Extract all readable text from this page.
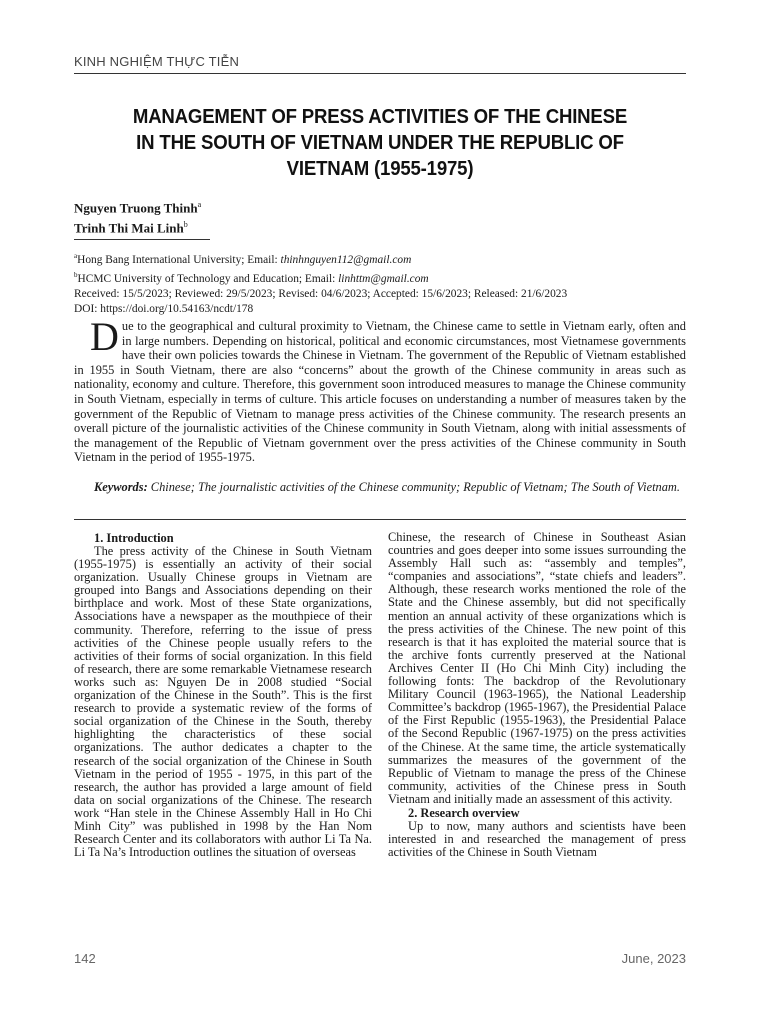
KINH NGHIỆM THỰC TIỄN
MANAGEMENT OF PRESS ACTIVITIES OF THE CHINESE
IN THE SOUTH OF VIETNAM UNDER THE REPUBLIC OF
VIETNAM (1955-1975)
Nguyen Truong Thinh$^a$
Trinh Thi Mai Linh$^b$
$^a$Hong Bang International University; Email: thinhnguyen112@gmail.com
$^b$HCMC University of Technology and Education; Email: linhttm@gmail.com
Received: 15/5/2023; Reviewed: 29/5/2023; Revised: 04/6/2023; Accepted: 15/6/2023; Released: 21/6/2023
DOI: https://doi.org/10.54163/ncdt/178

Due to the geographical and cultural proximity to Vietnam, the Chinese came to settle in Vietnam early, often and in large numbers. Depending on historical, political and economic circumstances, most Vietnamese governments have their own policies towards the Chinese in Vietnam. The government of the Republic of Vietnam established in 1955 in South Vietnam, there are also “concerns” about the growth of the Chinese community in areas such as nationality, economy and culture. Therefore, this government soon introduced measures to manage the Chinese community in South Vietnam, especially in terms of culture. This article focuses on understanding a number of measures taken by the government of the Republic of Vietnam to manage press activities of the Chinese community. The research presents an overall picture of the journalistic activities of the Chinese community in South Vietnam, along with initial assessments of the management of the Republic of Vietnam government over the press activities of the Chinese community in South Vietnam in the period of 1955-1975.

Keywords: Chinese; The journalistic activities of the Chinese community; Republic of Vietnam; The South of Vietnam.

1. Introduction

The press activity of the Chinese in South Vietnam (1955-1975) is essentially an activity of their social organization. Usually Chinese groups in Vietnam are grouped into Bangs and Associations depending on their birthplace and work. Most of these State organizations, Associations have a newspaper as the mouthpiece of their community. Therefore, referring to the issue of press activities of the Chinese people usually refers to the activities of their forms of social organization. In this field of research, there are some remarkable Vietnamese research works such as: Nguyen De in 2008 studied “Social organization of the Chinese in the South”. This is the first research to provide a systematic review of the forms of social organization of the Chinese in the South, thereby highlighting the characteristics of these social organizations. The author dedicates a chapter to the research of the social organization of the Chinese in South Vietnam in the period of 1955 - 1975, in this part of the research, the author has provided a large amount of field data on social organizations of the Chinese. The research work “Han stele in the Chinese Assembly Hall in Ho Chi Minh City” was published in 1998 by the Han Nom Research Center and its collaborators with author Li Ta Na. Li Ta Na’s Introduction outlines the situation of overseas

Chinese, the research of Chinese in Southeast Asian countries and goes deeper into some issues surrounding the Assembly Hall such as: “assembly and temples”, “companies and associations”, “state chiefs and leaders”. Although, these research works mentioned the role of the State and the Chinese assembly, but did not specifically mention an annual activity of these organizations which is the press activities of the Chinese. The new point of this research is that it has exploited the material source that is the archive fonts currently preserved at the National Archives Center II (Ho Chi Minh City) including the following fonts: The backdrop of the Revolutionary Military Council (1963-1965), the National Leadership Committee’s backdrop (1965-1967), the Presidential Palace of the First Republic (1955-1963), the Presidential Palace of the Second Republic (1967-1975) on the press activities of the Chinese. At the same time, the article systematically summarizes the measures of the government of the Republic of Vietnam to manage the press of the Chinese community, activities of the Chinese press in South Vietnam and initially made an assessment of this activity.

2. Research overview

Up to now, many authors and scientists have been interested in and researched the management of press activities of the Chinese in South Vietnam

142	June, 2023
